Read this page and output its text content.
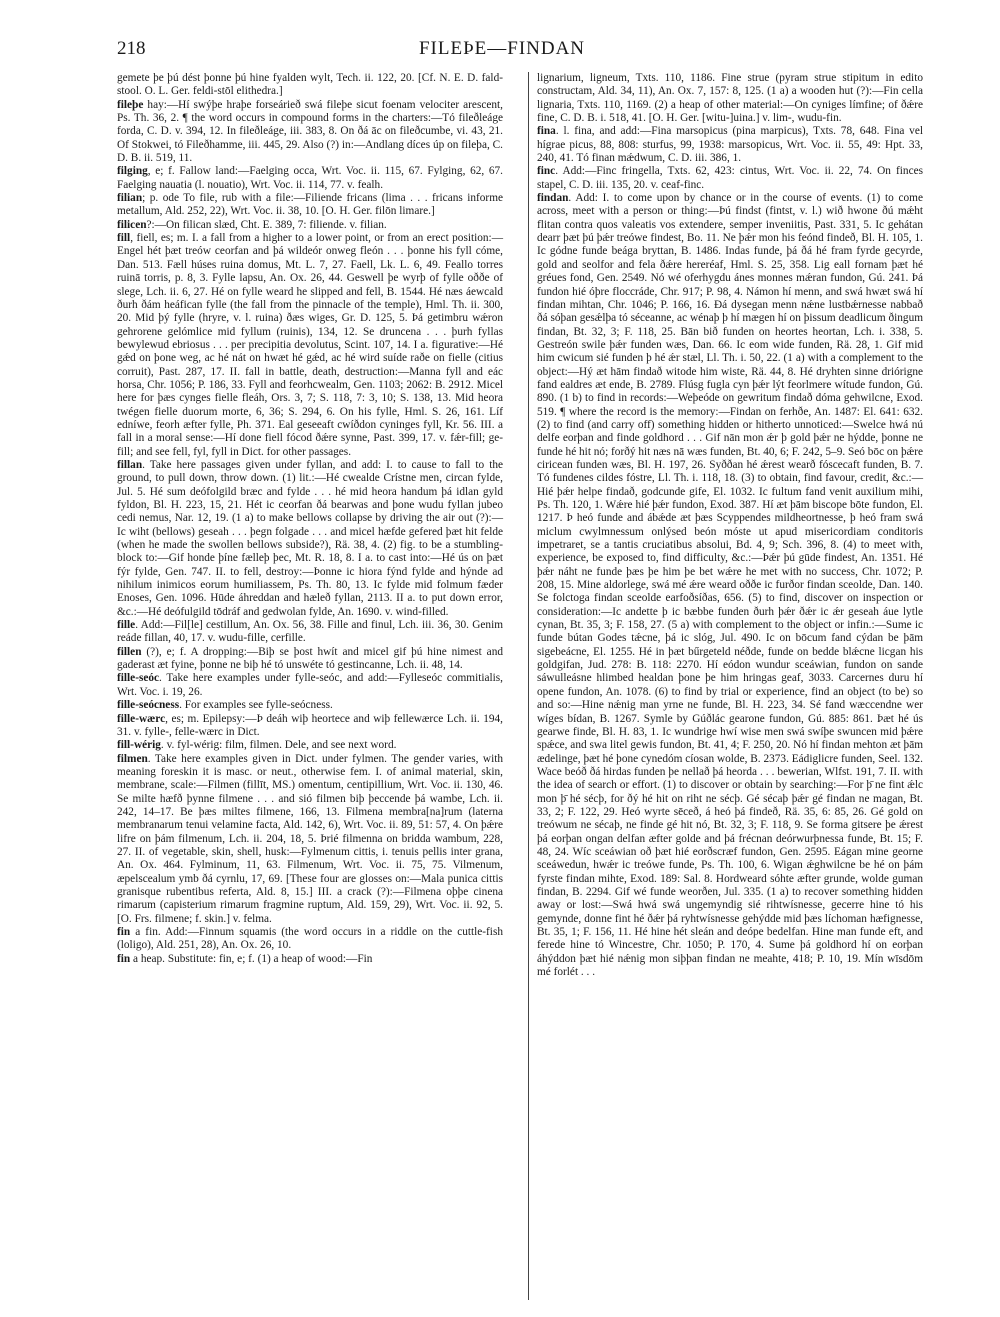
218	FILEÞE—FINDAN

gemete þe þú dést þonne þú hine fyalden wylt, Tech. ii. 122, 20. [Cf. N. E. D. fald-stool. O. L. Ger. feldi-stōl elithedra.]

fileþe hay:—Hí swýþe hraþe forseárieð swá fileþe sicut foenam velociter arescent, Ps. Th. 36, 2. ¶ the word occurs in compound forms in the charters:—Tó fileðleáge forda, C. D. v. 394, 12. In fileðleáge, iii. 383, 8. On ðá āc on fileðcumbe, vi. 43, 21. Of Stokwei, tó Fileðhamme, iii. 445, 29. Also (?) in:—Andlang díces úp on fileþa, C. D. B. ii. 519, 11.

filging, e; f. Fallow land:—Faelging occa, Wrt. Voc. ii. 115, 67. Fylging, 62, 67. Faelging nauatia (l. nouatio), Wrt. Voc. ii. 114, 77. v. fealh.

filian; p. ode To file, rub with a file:—Filiende fricans (lima . . . fricans informe metallum, Ald. 252, 22), Wrt. Voc. ii. 38, 10. [O. H. Ger. filōn limare.]

filicen?:—On filican slæd, Cht. E. 389, 7: filiende. v. filian.

fill, fiell, es; m. I. a fall from a higher to a lower point, or from an erect position:—Engel hét þæt treów ceorfan and þá wildeór onweg fleón . . . þonne his fyll cóme, Dan. 513. Fæll húses ruina domus, Mt. L. 7, 27. Faell, Lk. L. 6, 49. Feallo torres ruinā torris, p. 8, 3. Fylle lapsu, An. Ox. 26, 44. Geswell þe wyrþ of fylle oððe of slege, Lch. ii. 6, 27. Hé on fylle weard he slipped and fell, B. 1544. Hé næs áewcald ðurh ðám heáfican fylle (the fall from the pinnacle of the temple), Hml. Th. ii. 300, 20. Mid þý fylle (hryre, v. l. ruina) ðæs wiges, Gr. D. 125, 5. Þá getimbru wǽron gehrorene gelómlice mid fyllum (ruinis), 134, 12. Se druncena . . . þurh fyllas bewylewud ebriosus . . . per precipitia devolutus, Scint. 107, 14. I a. figurative:—Hé gǽd on þone weg, ac hé nát on hwæt hé gǽd, ac hé wird suíde raðe on fielle (citius corruit), Past. 287, 17. II. fall in battle, death, destruction:—Manna fyll and eác horsa, Chr. 1056; P. 186, 33. Fyll and feorhcwealm, Gen. 1103; 2062: B. 2912. Micel here for þæs cynges fielle fleáh, Ors. 3, 7; S. 118, 7: 3, 10; S. 138, 13. Mid heora twégen fielle duorum morte, 6, 36; S. 294, 6. On his fylle, Hml. S. 26, 161. Líf edníwe, feorh æfter fylle, Ph. 371. Eal geseeaft cwíðdon cyninges fyll, Kr. 56. III. a fall in a moral sense:—Hí done fiell fócod ðǽre synne, Past. 399, 17. v. fǽr-fill; ge-fill; and see fell, fyl, fyll in Dict. for other passages.

fillan. Take here passages given under fyllan, and add: I. to cause to fall to the ground, to pull down, throw down. (1) lit.:—Hé cwealde Crístne men, circan fylde, Jul. 5. Hé sum deófolgild bræc and fylde . . . hé mid heora handum þá idlan gyld fyldon, Bl. H. 223, 15, 21. Hét ic ceorfan ðá bearwas and þone wudu fyllan jubeo cedi nemus, Nar. 12, 19. (1 a) to make bellows collapse by driving the air out (?):—Ic wiht (bellows) geseah . . . þegn folgade . . . and micel hæfde gefered þæt hit felde (when he made the swollen bellows subside?), Rä. 38, 4. (2) fig. to be a stumbling-block to:—Gif honde þíne fælleþ þec, Mt. R. 18, 8. I a. to cast into:—Hé ús on þæt fýr fylde, Gen. 747. II. to fell, destroy:—Þonne ic hiora fýnd fylde and hýnde ad nihilum inimicos eorum humiliassem, Ps. Th. 80, 13. Ic fylde mid folmum fæder Enoses, Gen. 1096. Hūde áhreddan and hæleð fyllan, 2113. II a. to put down error, &c.:—Hé deófulgild tōdráf and gedwolan fylde, An. 1690. v. wind-filled.

fille. Add:—Fil[le] cestillum, An. Ox. 56, 38. Fille and finul, Lch. iii. 36, 30. Genim reáde fillan, 40, 17. v. wudu-fille, cerfille.

fillen (?), e; f. A dropping:—Biþ se þost hwít and micel gif þú hine nimest and gaderast æt fyine, þonne ne biþ hé tó unswéte tó gestincanne, Lch. ii. 48, 14.

fille-seóc. Take here examples under fylle-seóc, and add:—Fylleseóc commitialis, Wrt. Voc. i. 19, 26.

fille-seócness. For examples see fylle-seócness.

fille-wærc, es; m. Epilepsy:—Þ deáh wiþ heortece and wiþ fellewærce Lch. ii. 194, 31. v. fylle-, felle-wærc in Dict.

fill-wérig. v. fyl-wérig: film, filmen. Dele, and see next word.

filmen. Take here examples given in Dict. under fylmen. The gender varies, with meaning foreskin it is masc. or neut., otherwise fem. I. of animal material, skin, membrane, scale:—Filmen (fillīt, MS.) omentum, centipillium, Wrt. Voc. ii. 130, 46. Se milte hæfð þynne filmene . . . and sió filmen biþ þeccende þá wambe, Lch. ii. 242, 14–17. Be þæs miltes filmene, 166, 13. Filmena membra[na]rum (laterna membranarum tenui velamine facta, Ald. 142, 6), Wrt. Voc. ii. 89, 51: 57, 4. On þǽre lifre on þám filmenum, Lch. ii. 204, 18, 5. Þrié filmenna on bridda wambum, 228, 27. II. of vegetable, skin, shell, husk:—Fylmenum cittis, i. tenuis pellis inter grana, An. Ox. 464. Fylminum, 11, 63. Filmenum, Wrt. Voc. ii. 75, 75. Vilmenum, æpelscealum ymb ðá cyrnlu, 17, 69. [These four are glosses on:—Mala punica cittis granisque rubentibus referta, Ald. 8, 15.] III. a crack (?):—Filmena oþþe cinena rimarum (capisterium rimarum fragmine ruptum, Ald. 159, 29), Wrt. Voc. ii. 92, 5. [O. Frs. filmene; f. skin.] v. felma.

fin a fin. Add:—Finnum squamis (the word occurs in a riddle on the cuttle-fish (loligo), Ald. 251, 28), An. Ox. 26, 10.

fin a heap. Substitute: fin, e; f. (1) a heap of wood:—Fin

lignarium, ligneum, Txts. 110, 1186. Fine strue (pyram strue stipitum in edito constructam, Ald. 34, 11), An. Ox. 7, 157: 8, 125. (1 a) a wooden hut (?):—Fin cella lignaria, Txts. 110, 1169. (2) a heap of other material:—On cyniges límfine; of ðǽre fine, C. D. B. i. 518, 41. [O. H. Ger. [witu-]uina.] v. lim-, wudu-fin.

fina. l. fina, and add:—Fina marsopicus (pina marpicus), Txts. 78, 648. Fina vel hígrae picus, 88, 808: sturfus, 99, 1938: marsopicus, Wrt. Voc. ii. 55, 49: Hpt. 33, 240, 41. Tó finan mǽdwum, C. D. iii. 386, 1.

finc. Add:—Finc fringella, Txts. 62, 423: cintus, Wrt. Voc. ii. 22, 74. On finces stapel, C. D. iii. 135, 20. v. ceaf-finc.

findan. Add: I. to come upon by chance or in the course of events. (1) to come across, meet with a person or thing:—Þú findst (fintst, v. l.) wið hwone ðú mǽht flitan contra quos valeatis vos extendere, semper inveniitis, Past. 331, 5. Ic gehátan dearr þæt þú þǽr treówe findest, Bo. 11. Ne þǽr mon his feónd findeð, Bl. H. 105, 1. Ic gódne funde beága bryttan, B. 1486. Indas funde, þá ðá hé fram fyrde gecyrde, gold and seolfor and fela ðǽre hereréaf, Hml. S. 25, 358. Lig eall fornam þæt hé gréues fond, Gen. 2549. Nó wé oferhygdu ánes monnes mǽran fundon, Gú. 241. Þá fundon hié óþre floccráde, Chr. 917; P. 98, 4. Námon hí menn, and swá hwæt swá hí findan mihtan, Chr. 1046; P. 166, 16. Đá dysegan menn nǽne lustbǽrnesse nabbað ðá sóþan gesǽlþa tó séceanne, ac wénaþ þ hí mægen hí on þissum deadlicum ðingum findan, Bt. 32, 3; F. 118, 25. Bān bið funden on heortes heortan, Lch. i. 338, 5. Gestreón swile þǽr funden wæs, Dan. 66. Ic eom wide funden, Rä. 28, 1. Gif mid him cwicum sié funden þ hé ǽr stæl, Ll. Th. i. 50, 22. (1 a) with a complement to the object:—Hý æt hām findað witode him wiste, Rä. 44, 8. Hé dryhten sinne driórigne fand ealdres æt ende, B. 2789. Flúsg fugla cyn þǽr lýt feorlmere wítude fundon, Gú. 890. (1 b) to find in records:—Weþeóde on gewritum findað dóma gehwilcne, Exod. 519. ¶ where the record is the memory:—Findan on ferhðe, An. 1487: El. 641: 632. (2) to find (and carry off) something hidden or hitherto unnoticed:—Swelce hwá nú delfe eorþan and finde goldhord . . . Gif nān mon ǽr þ gold þǽr ne hýdde, þonne ne funde hé hit nó; forðý hit næs nā wæs funden, Bt. 40, 6; F. 242, 5–9. Seó bōc on þǽre ciricean funden wæs, Bl. H. 197, 26. Syððan hé ǽrest wearð fóscecaft funden, B. 7. Tó fundenes cildes fóstre, Ll. Th. i. 118, 18. (3) to obtain, find favour, credit, &c.:—Hié þǽr helpe findað, godcunde gife, El. 1032. Ic fultum fand venit auxilium mihi, Ps. Th. 120, 1. Wǽre hié þǽr fundon, Exod. 387. Hí æt þām biscope bōte fundon, El. 1217. Þ heó funde and ábǽde æt þæs Scyppendes mildheortnesse, þ heó fram swá miclum cwylmnessum onlýsed beón móste ut apud misericordiam conditoris impetraret, se a tantis cruciatibus absolui, Bd. 4, 9; Sch. 396, 8. (4) to meet with, experience, be exposed to, find difficulty, &c.:—Þǽr þú gūde findest, An. 1351. Hé þǽr náht ne funde þæs þe him þe bet wǽre he met with no success, Chr. 1072; P. 208, 15. Mine aldorlege, swá mé ǽre weard oððe ic furðor findan sceolde, Dan. 140. Se folctoga findan sceolde earfoðsíðas, 656. (5) to find, discover on inspection or consideration:—Ic andette þ ic bæbbe funden ðurh þǽr ðǽr ic ǽr geseah áue lytle cynan, Bt. 35, 3; F. 158, 27. (5 a) with complement to the object or infin.:—Sume ic funde bútan Godes tǽcne, þá ic slóg, Jul. 490. Ic on bōcum fand cýdan be þām sigebeácne, El. 1255. Hé in þæt bűrgeteld néðde, funde on bedde blǽcne licgan his goldgifan, Jud. 278: B. 118: 2270. Hí eódon wundur sceáwian, fundon on sande sáwulleásne hlimbed healdan þone þe him hringas geaf, 3033. Carcernes duru hí opene fundon, An. 1078. (6) to find by trial or experience, find an object (to be) so and so:—Hine nǽnig man yrne ne funde, Bl. H. 223, 34. Sé fand wæccendne wer wíges bídan, B. 1267. Symle by Gúðlác gearone fundon, Gú. 885: 861. Þæt hé ús gearwe finde, Bl. H. 83, 1. Ic wundrige hwí wise men swá swíþe swuncen mid þǽre spǽce, and swa litel gewis fundon, Bt. 41, 4; F. 250, 20. Nó hí findan mehton æt þām ædelinge, þæt hé þone cynedóm cíosan wolde, B. 2373. Eádiglicre funden, Seel. 132. Wace beóð ðá hirdas funden þe nellað þá heorda . . . bewerian, Wlfst. 191, 7. II. with the idea of search or effort. (1) to discover or obtain by searching:—For þ̄ ne fint ǽlc mon þ̄ hé sécþ, for ðý hé hit on riht ne sécþ. Gé sécaþ þǽr gé findan ne magan, Bt. 33, 2; F. 122, 29. Heó wyrte sēceð, á heó þá findeð, Rä. 35, 6: 85, 26. Gé gold on treówum ne sécaþ, ne finde gé hit nó, Bt. 32, 3; F. 118, 9. Se forma gitsere þe ǽrest þá eorþan ongan delfan æfter golde and þá frécnan deórwurþnessa funde, Bt. 15; F. 48, 24. Wíc sceáwian oð þæt hié eorðscræf fundon, Gen. 2595. Eágan mine georne sceáwedun, hwǽr ic treówe funde, Ps. Th. 100, 6. Wigan ǽghwilcne be hé on þám fyrste findan mihte, Exod. 189: Sal. 8. Hordweard sóhte æfter grunde, wolde guman findan, B. 2294. Gif wé funde weorðen, Jul. 335. (1 a) to recover something hidden away or lost:—Swá hwá swá ungemyndig sié rihtwísnesse, gecerre hine tó his gemynde, donne fint hé ðǽr þá ryhtwísnesse gehýdde mid þæs líchoman hæfignesse, Bt. 35, 1; F. 156, 11. Hé hine hét sleán and deópe bedelfan. Hine man funde eft, and ferede hine tó Wincestre, Chr. 1050; P. 170, 4. Sume þá goldhord hí on eorþan áhýddon þæt hié nǽnig mon siþþan findan ne meahte, 418; P. 10, 19. Mín wīsdōm mé forlét . . .
